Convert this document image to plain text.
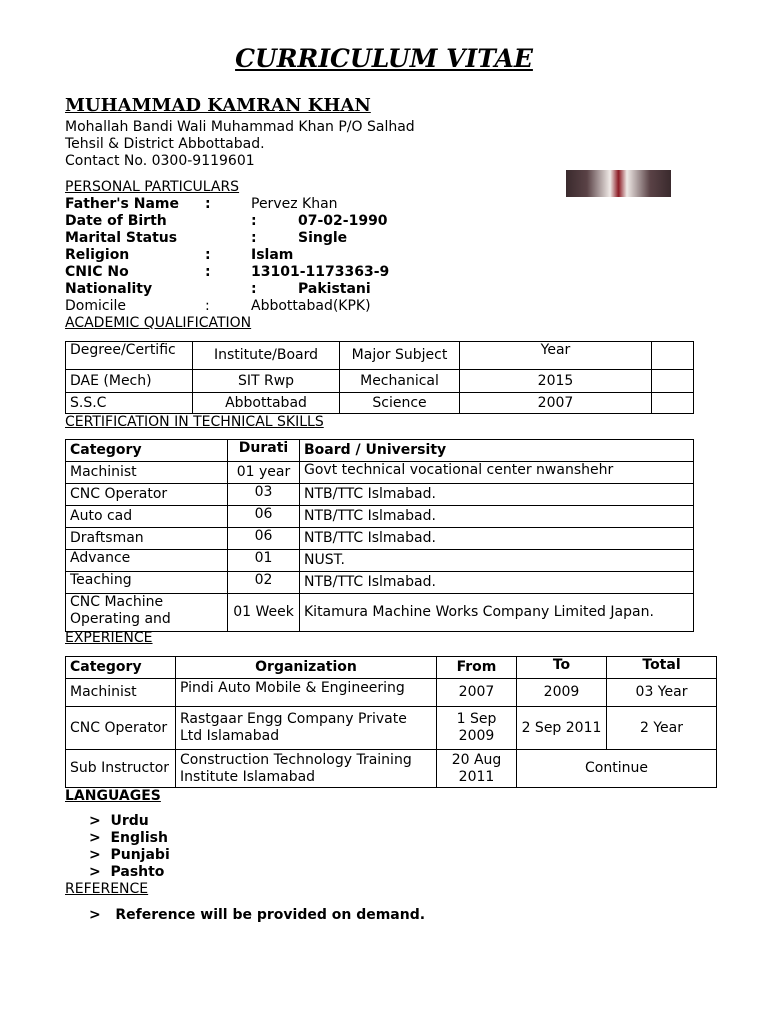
CURRICULUM VITAE
MUHAMMAD KAMRAN KHAN
Mohallah Bandi Wali Muhammad Khan P/O Salhad
Tehsil & District Abbottabad.
Contact No. 0300-9119601
PERSONAL PARTICULARS
Father's Name :	Pervez Khan
Date of Birth	:	07-02-1990
Marital Status	:	Single
Religion	:	Islam
CNIC No	:	13101-1173363-9
Nationality	:	Pakistani
Domicile	:	Abbottabad(KPK)
ACADEMIC QUALIFICATION
Degree/Certific	Institute/Board	Major Subject	Year	
DAE (Mech)	SIT Rwp	Mechanical	2015	
S.S.C	Abbottabad	Science	2007	
CERTIFICATION IN TECHNICAL SKILLS
Category	Durati	Board / University
Machinist	01 year	Govt technical vocational center nwanshehr
CNC Operator	03	NTB/TTC Islmabad.
Auto cad	06	NTB/TTC Islmabad.
Draftsman	06	NTB/TTC Islmabad.
Advance	01	NUST.
Teaching	02	NTB/TTC Islmabad.

CNC Machine Operating and	01 Week	Kitamura Machine Works Company Limited Japan.
EXPERIENCE
Category	Organization	From	To	Total
Machinist	Pindi Auto Mobile & Engineering	2007	2009	03 Year
CNC Operator	Rastgaar Engg Company Private Ltd Islamabad	1 Sep 2009	2 Sep 2011	2 Year
Sub Instructor	Construction Technology Training Institute Islamabad	20 Aug 2011	Continue	
LANGUAGES
> Urdu
> English
> Punjabi
> Pashto
REFERENCE
> Reference will be provided on demand.
